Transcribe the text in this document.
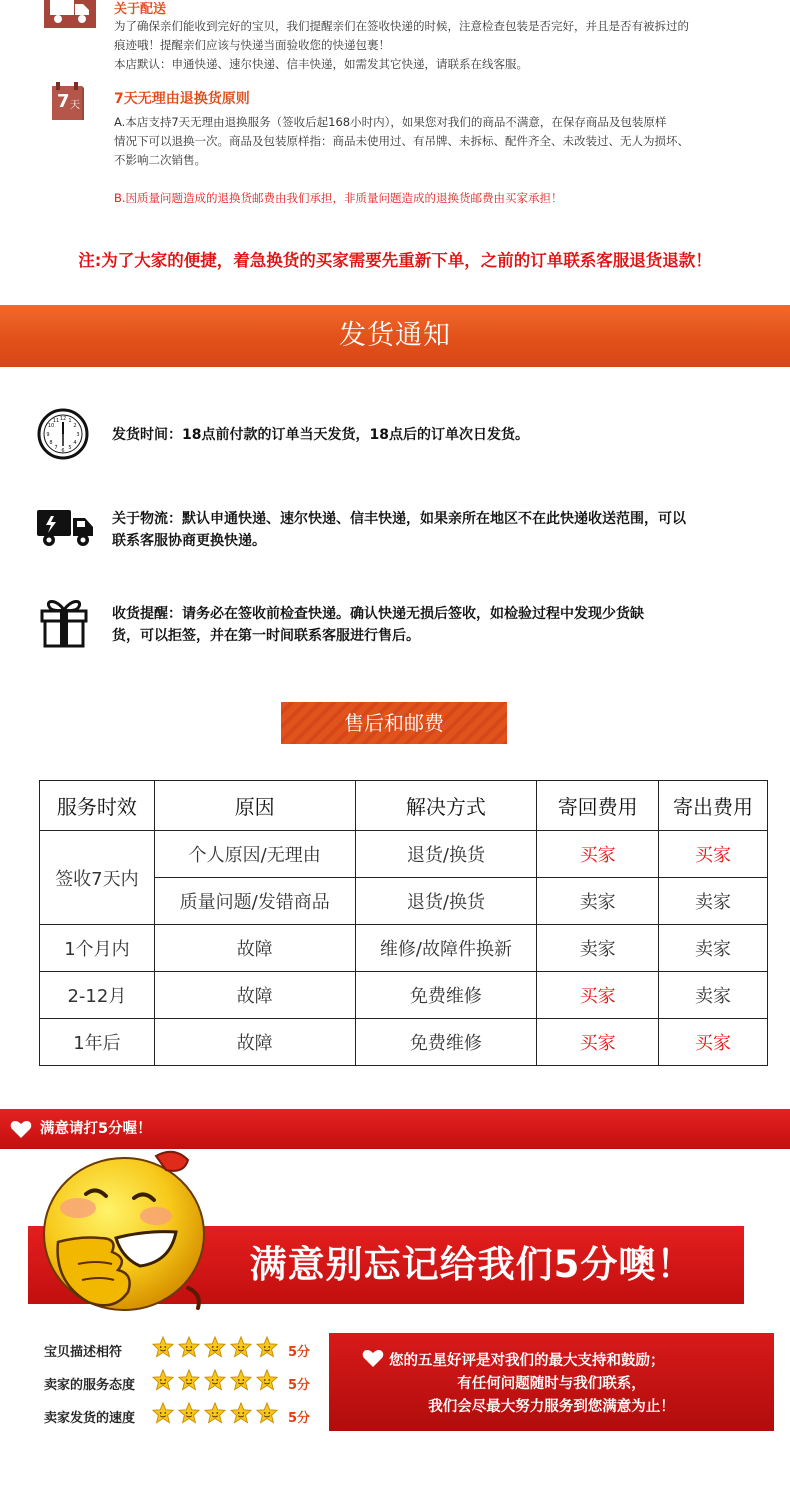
关于配送
为了确保亲们能收到完好的宝贝，我们提醒亲们在签收快递的时候，注意检查包装是否完好，并且是否有被拆过的
痕迹哦！提醒亲们应该与快递当面验收您的快递包裹！
本店默认：申通快递、速尔快递、信丰快递，如需发其它快递，请联系在线客服。
7 天 7天无理由退换货原则
A.本店支持7天无理由退换服务（签收后起168小时内），如果您对我们的商品不满意，在保存商品及包装原样
情况下可以退换一次。商品及包装原样指：商品未使用过、有吊牌、未拆标、配件齐全、未改装过、无人为损坏、
不影响二次销售。
B.因质量问题造成的退换货邮费由我们承担，非质量问题造成的退换货邮费由买家承担！
注:为了大家的便捷，着急换货的买家需要先重新下单，之前的订单联系客服退货退款！
发货通知
12 1
2
3
4
5
6
7
8
9
10
11
发货时间：18点前付款的订单当天发货，18点后的订单次日发货。
关于物流：默认申通快递、速尔快递、信丰快递，如果亲所在地区不在此快递收送范围，可以
联系客服协商更换快递。
收货提醒：请务必在签收前检查快递。确认快递无损后签收，如检验过程中发现少货缺
货，可以拒签，并在第一时间联系客服进行售后。
售后和邮费
服务时效	原因	解决方式	寄回费用	寄出费用
签收7天内	个人原因/无理由	退货/换货	买家	买家
	质量问题/发错商品	退货/换货	卖家	卖家
1个月内	故障	维修/故障件换新	卖家	卖家
2-12月	故障	免费维修	买家	卖家
1年后	故障	免费维修	买家	买家
满意请打5分喔！
满意别忘记给我们5分噢！
宝贝描述相符
卖家的服务态度
卖家发货的速度
5分
5分
5分
您的五星好评是对我们的最大支持和鼓励；
有任何问题随时与我们联系，
我们会尽最大努力服务到您满意为止！
